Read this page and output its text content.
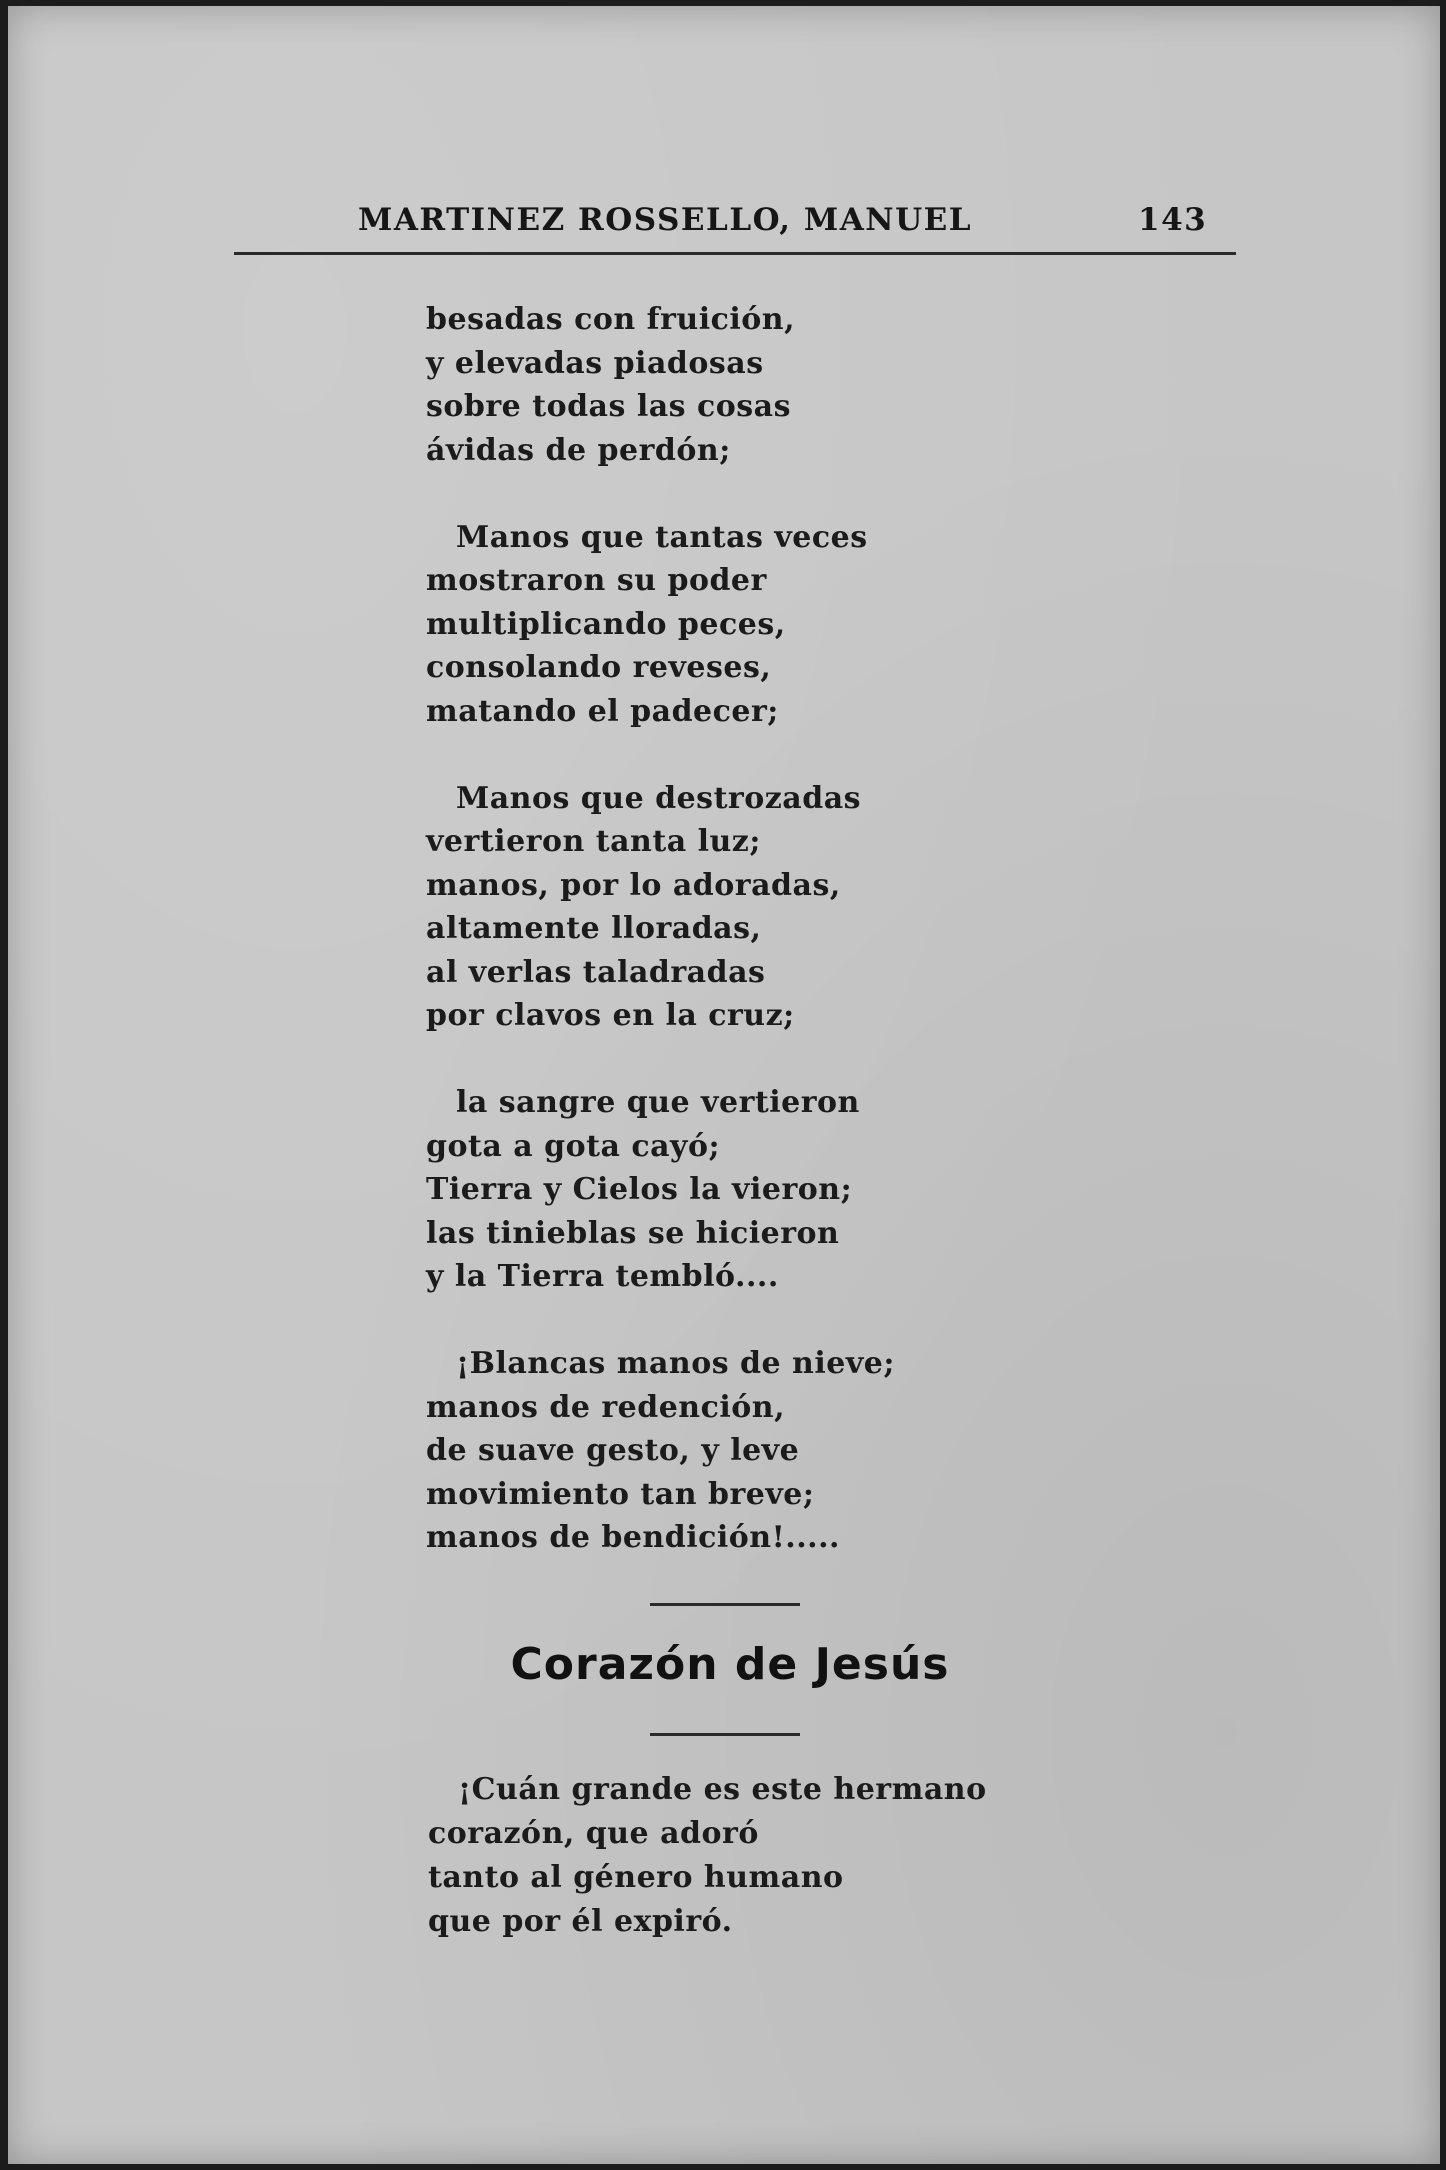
MARTINEZ ROSSELLO, MANUEL	143
besadas con fruición,
y elevadas piadosas
sobre todas las cosas
ávidas de perdón;
Manos que tantas veces
mostraron su poder
multiplicando peces,
consolando reveses,
matando el padecer;
Manos que destrozadas
vertieron tanta luz;
manos, por lo adoradas,
altamente lloradas,
al verlas taladradas
por clavos en la cruz;
la sangre que vertieron
gota a gota cayó;
Tierra y Cielos la vieron;
las tinieblas se hicieron
y la Tierra tembló....
¡Blancas manos de nieve;
manos de redención,
de suave gesto, y leve
movimiento tan breve;
manos de bendición!.....
Corazón de Jesús
¡Cuán grande es este hermano
corazón, que adoró
tanto al género humano
que por él expiró.
